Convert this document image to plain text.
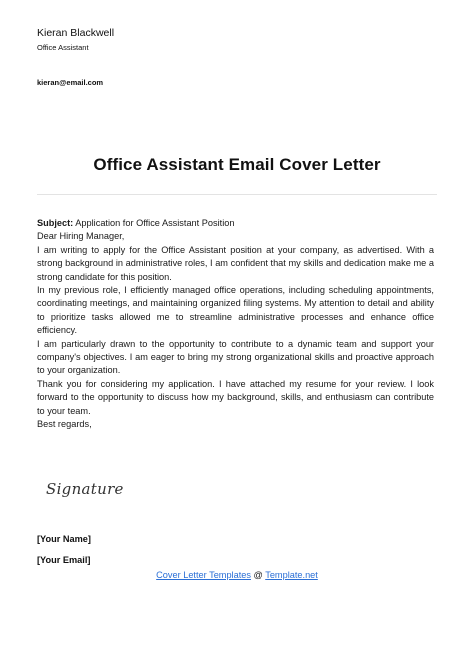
Kieran Blackwell
Office Assistant
kieran@email.com
Office Assistant Email Cover Letter

Subject: Application for Office Assistant Position

Dear Hiring Manager,

I am writing to apply for the Office Assistant position at your company, as advertised. With a strong background in administrative roles, I am confident that my skills and dedication make me a strong candidate for this position.

In my previous role, I efficiently managed office operations, including scheduling appointments, coordinating meetings, and maintaining organized filing systems. My attention to detail and ability to prioritize tasks allowed me to streamline administrative processes and enhance office efficiency.

I am particularly drawn to the opportunity to contribute to a dynamic team and support your company's objectives. I am eager to bring my strong organizational skills and proactive approach to your organization.

Thank you for considering my application. I have attached my resume for your review. I look forward to the opportunity to discuss how my background, skills, and enthusiasm can contribute to your team.

Best regards,

Signature
[Your Name]
[Your Email]
Cover Letter Templates @ Template.net
